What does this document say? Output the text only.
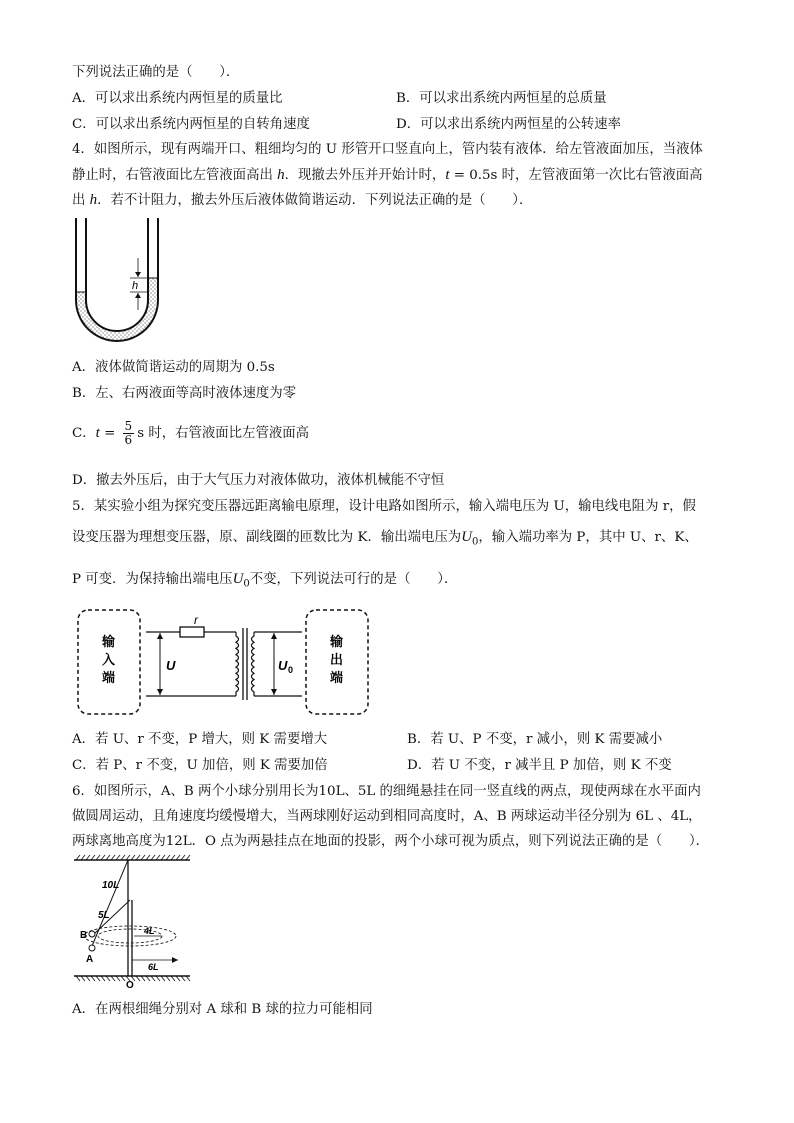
下列说法正确的是（　　）．
A．可以求出系统内两恒星的质量比	B．可以求出系统内两恒星的总质量
C．可以求出系统内两恒星的自转角速度	D．可以求出系统内两恒星的公转速率
4．如图所示，现有两端开口、粗细均匀的 U 形管开口竖直向上，管内装有液体．给左管液面加压，当液体
静止时，右管液面比左管液面高出 h．现撤去外压并开始计时，t = 0.5s 时，左管液面第一次比右管液面高
出 h．若不计阻力，撤去外压后液体做简谐运动．下列说法正确的是（　　）．
h
A．液体做简谐运动的周期为 0.5s
B．左、右两液面等高时液体速度为零
C．$t = \frac{5}{6}$ s 时，右管液面比左管液面高
D．撤去外压后，由于大气压力对液体做功，液体机械能不守恒
5．某实验小组为探究变压器远距离输电原理，设计电路如图所示，输入端电压为 U，输电线电阻为 r，假
设变压器为理想变压器，原、副线圈的匝数比为 K．输出端电压为$U_0$，输入端功率为 P，其中 U、r、K、
P 可变．为保持输出端电压$U_0$不变，下列说法可行的是（　　）．
输
入
端
输
出
端
r
U	U 0
A．若 U、r 不变，P 增大，则 K 需要增大	B．若 U、P 不变，r 减小，则 K 需要减小
C．若 P、r 不变，U 加倍，则 K 需要加倍	D．若 U 不变，r 减半且 P 加倍，则 K 不变
6．如图所示，A、B 两个小球分别用长为10L、5L 的细绳悬挂在同一竖直线的两点，现使两球在水平面内
做圆周运动，且角速度均缓慢增大，当两球刚好运动到相同高度时，A、B 两球运动半径分别为 6L 、4L，
两球离地高度为12L．O 点为两悬挂点在地面的投影，两个小球可视为质点，则下列说法正确的是（　　）．
4L
B
A
6L
10L
5L
O
A．在两根细绳分别对 A 球和 B 球的拉力可能相同
